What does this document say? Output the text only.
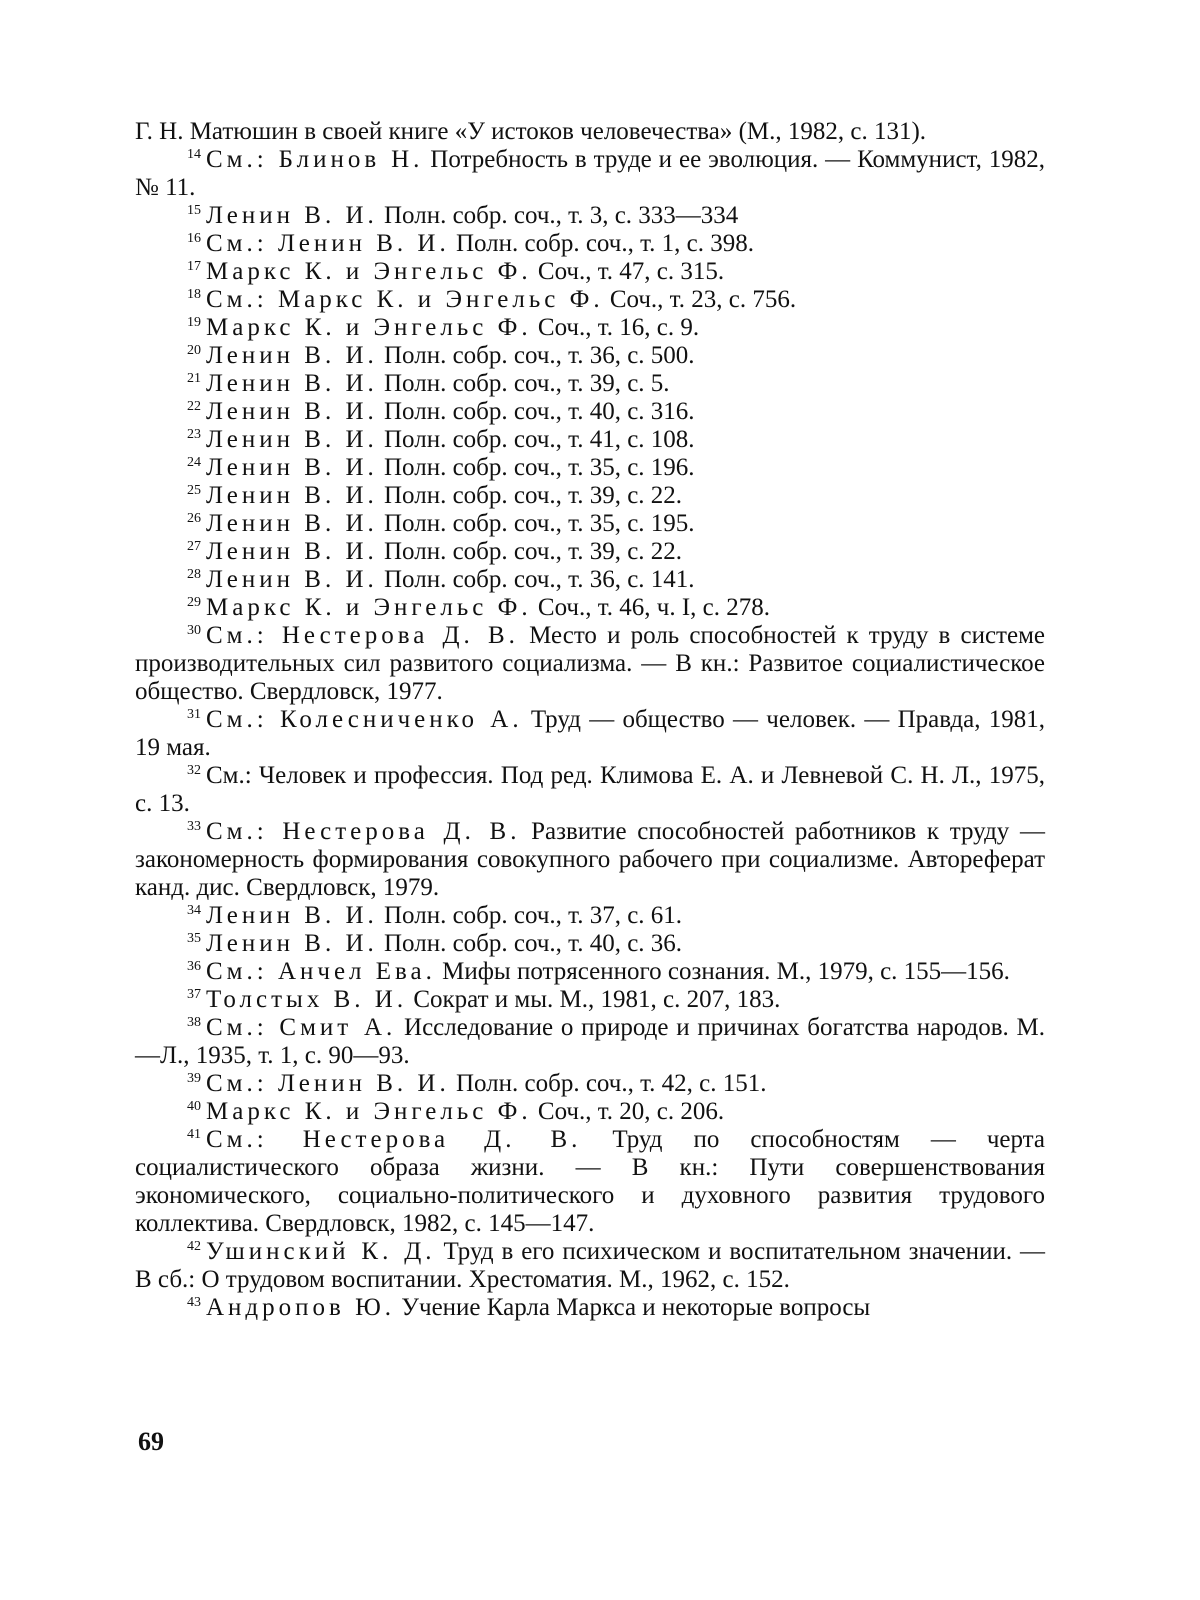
Г. Н. Матюшин в своей книге «У истоков человечества» (М., 1982, с. 131).

$^{14}$ См.: Блинов Н. Потребность в труде и ее эволюция. — Коммунист, 1982, № 11.

$^{15}$ Ленин В. И. Полн. собр. соч., т. 3, с. 333—334

$^{16}$ См.: Ленин В. И. Полн. собр. соч., т. 1, с. 398.

$^{17}$ Маркс К. и Энгельс Ф. Соч., т. 47, с. 315.

$^{18}$ См.: Маркс К. и Энгельс Ф. Соч., т. 23, с. 756.

$^{19}$ Маркс К. и Энгельс Ф. Соч., т. 16, с. 9.

$^{20}$ Ленин В. И. Полн. собр. соч., т. 36, с. 500.

$^{21}$ Ленин В. И. Полн. собр. соч., т. 39, с. 5.

$^{22}$ Ленин В. И. Полн. собр. соч., т. 40, с. 316.

$^{23}$ Ленин В. И. Полн. собр. соч., т. 41, с. 108.

$^{24}$ Ленин В. И. Полн. собр. соч., т. 35, с. 196.

$^{25}$ Ленин В. И. Полн. собр. соч., т. 39, с. 22.

$^{26}$ Ленин В. И. Полн. собр. соч., т. 35, с. 195.

$^{27}$ Ленин В. И. Полн. собр. соч., т. 39, с. 22.

$^{28}$ Ленин В. И. Полн. собр. соч., т. 36, с. 141.

$^{29}$ Маркс К. и Энгельс Ф. Соч., т. 46, ч. I, с. 278.

$^{30}$ См.: Нестерова Д. В. Место и роль способностей к труду в системе производительных сил развитого социализма. — В кн.: Развитое социалистическое общество. Свердловск, 1977.

$^{31}$ См.: Колесниченко А. Труд — общество — человек. — Правда, 1981, 19 мая.

$^{32}$ См.: Человек и профессия. Под ред. Климова Е. А. и Левневой С. Н. Л., 1975, с. 13.

$^{33}$ См.: Нестерова Д. В. Развитие способностей работников к труду — закономерность формирования совокупного рабочего при социализме. Автореферат канд. дис. Свердловск, 1979.

$^{34}$ Ленин В. И. Полн. собр. соч., т. 37, с. 61.

$^{35}$ Ленин В. И. Полн. собр. соч., т. 40, с. 36.

$^{36}$ См.: Анчел Ева. Мифы потрясенного сознания. М., 1979, с. 155—156.

$^{37}$ Толстых В. И. Сократ и мы. М., 1981, с. 207, 183.

$^{38}$ См.: Смит А. Исследование о природе и причинах богатства народов. М.—Л., 1935, т. 1, с. 90—93.

$^{39}$ См.: Ленин В. И. Полн. собр. соч., т. 42, с. 151.

$^{40}$ Маркс К. и Энгельс Ф. Соч., т. 20, с. 206.

$^{41}$ См.: Нестерова Д. В. Труд по способностям — черта социалистического образа жизни. — В кн.: Пути совершенствования экономического, социально-политического и духовного развития трудового коллектива. Свердловск, 1982, с. 145—147.

$^{42}$ Ушинский К. Д. Труд в его психическом и воспитательном значении. — В сб.: О трудовом воспитании. Хрестоматия. М., 1962, с. 152.

$^{43}$ Андропов Ю. Учение Карла Маркса и некоторые вопросы

69
